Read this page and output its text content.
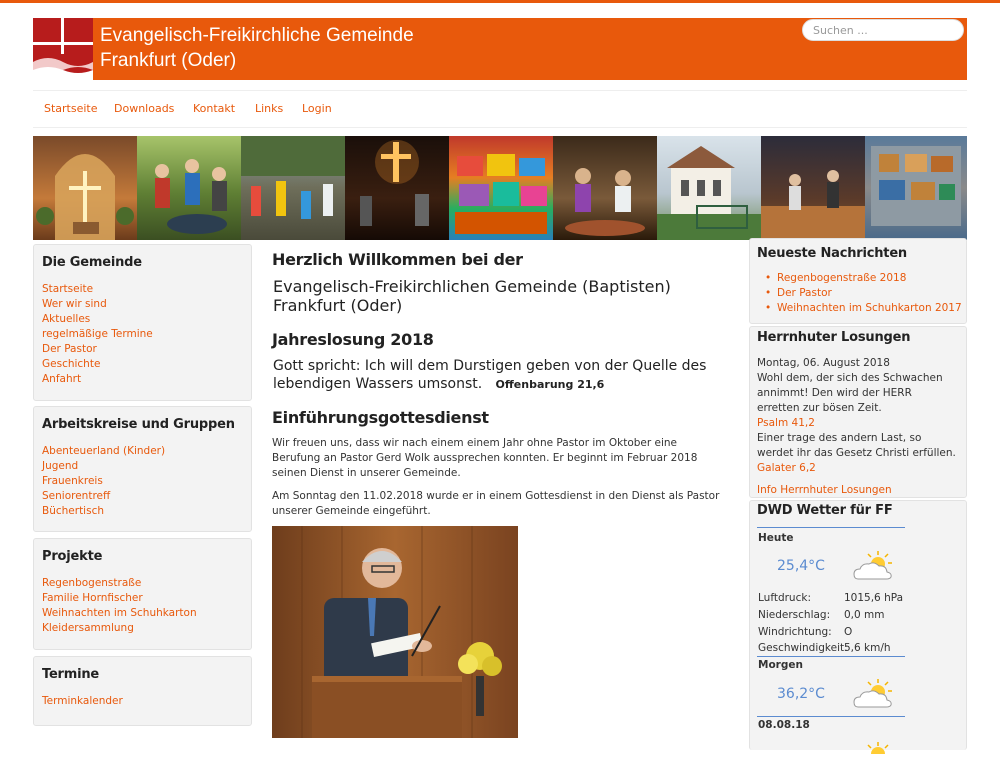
Evangelisch-Freikirchliche Gemeinde
Frankfurt (Oder)
Suchen ...
Startseite Downloads Kontakt Links Login
Die Gemeinde
Startseite
Wer wir sind
Aktuelles
regelmäßige Termine
Der Pastor
Geschichte
Anfahrt
Arbeitskreise und Gruppen
Abenteuerland (Kinder)
Jugend
Frauenkreis
Seniorentreff
Büchertisch
Projekte
Regenbogenstraße
Familie Hornfischer
Weihnachten im Schuhkarton
Kleidersammlung
Termine
Terminkalender
Herzlich Willkommen bei der
Evangelisch-Freikirchlichen Gemeinde (Baptisten)
Frankfurt (Oder)
Jahreslosung 2018
Gott spricht: Ich will dem Durstigen geben von der Quelle des
lebendigen Wassers umsonst. Offenbarung 21,6
Einführungsgottesdienst

Wir freuen uns, dass wir nach einem einem Jahr ohne Pastor im Oktober eine Berufung an Pastor Gerd Wolk aussprechen konnten. Er beginnt im Februar 2018 seinen Dienst in unserer Gemeinde.

Am Sonntag den 11.02.2018 wurde er in einem Gottesdienst in den Dienst als Pastor unserer Gemeinde eingeführt.

Neueste Nachrichten
• Regenbogenstraße 2018
• Der Pastor
• Weihnachten im Schuhkarton 2017
Herrnhuter Losungen
Montag, 06. August 2018
Wohl dem, der sich des Schwachen annimmt! Den wird der HERR erretten zur bösen Zeit.
Psalm 41,2
Einer trage des andern Last, so werdet ihr das Gesetz Christi erfüllen.
Galater 6,2
Info Herrnhuter Losungen
DWD Wetter für FF
Heute
25,4°C
Luftdruck:	1015,6 hPa
Niederschlag: 0,0 mm
Windrichtung: O
Geschwindigkeit:
5,6 km/h
Morgen
36,2°C
08.08.18
